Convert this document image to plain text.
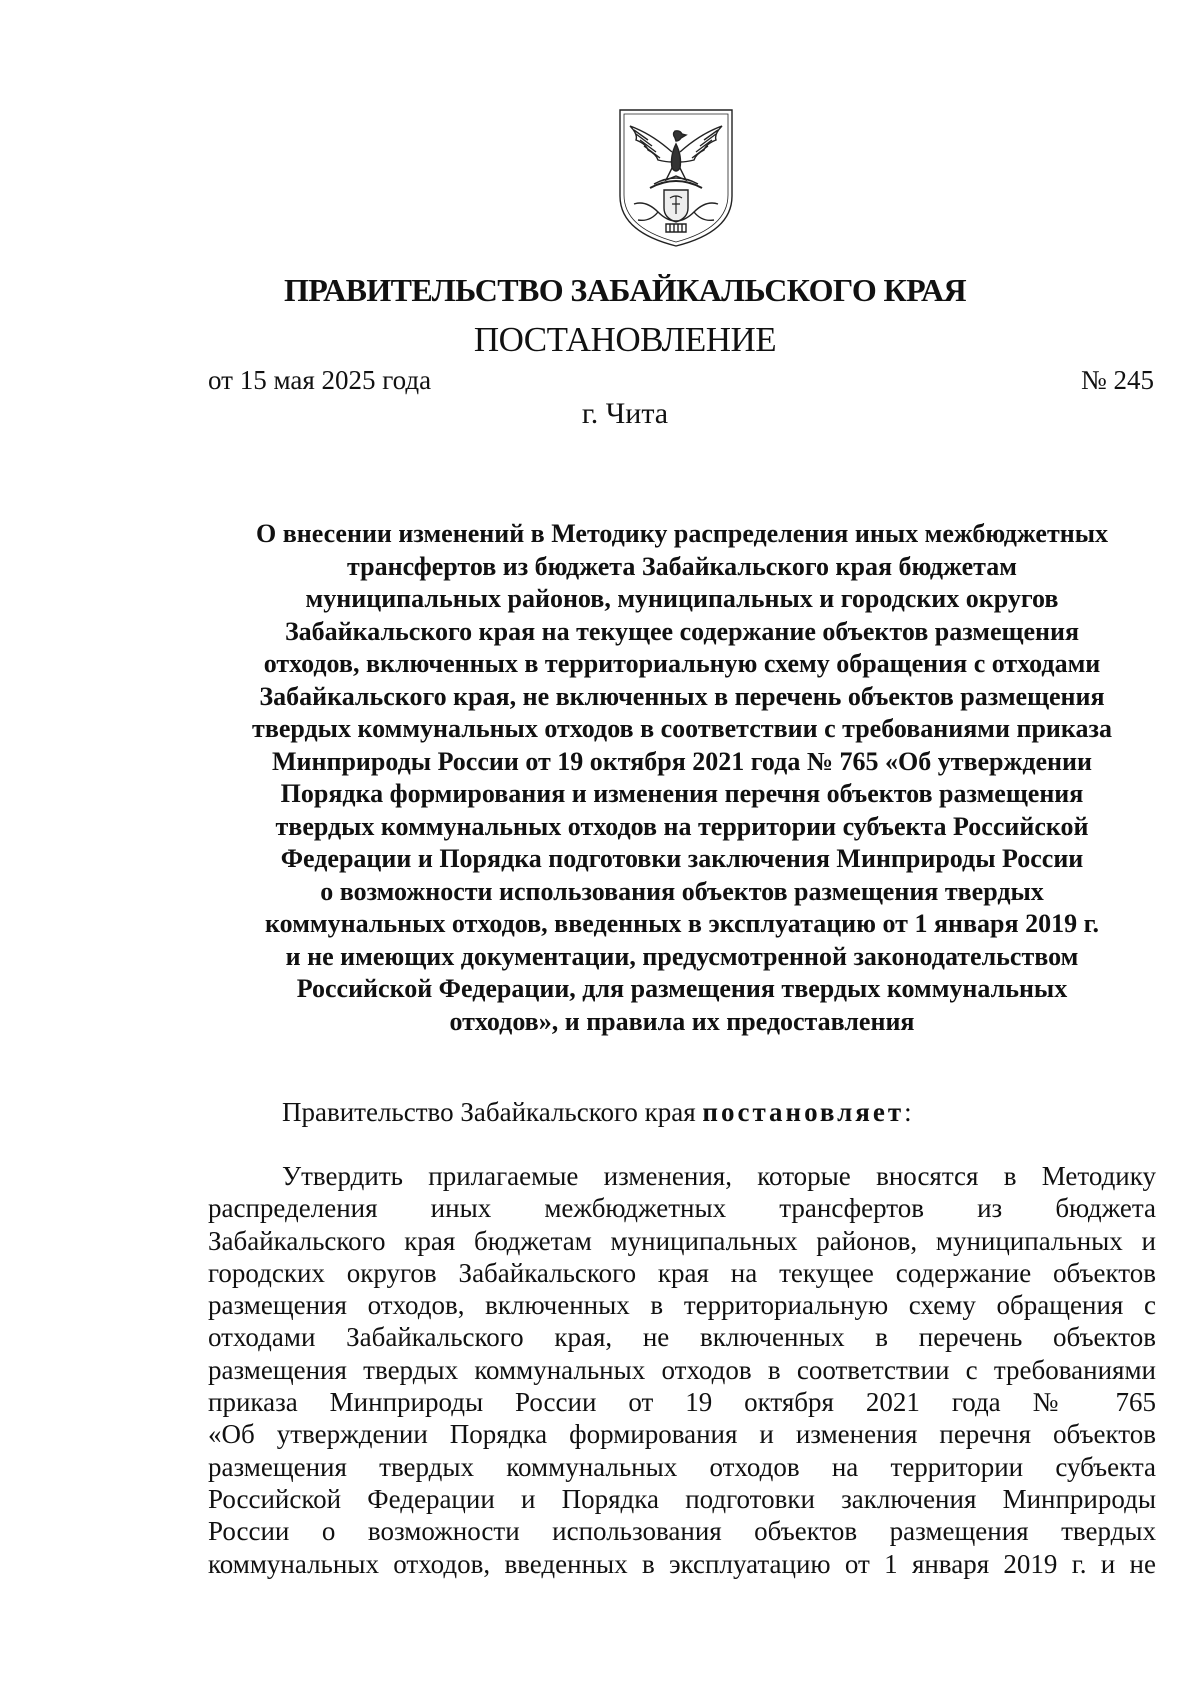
ПРАВИТЕЛЬСТВО ЗАБАЙКАЛЬСКОГО КРАЯ
ПОСТАНОВЛЕНИЕ
от 15 мая 2025 года	№ 245
г. Чита
О внесении изменений в Методику распределения иных межбюджетных
трансфертов из бюджета Забайкальского края бюджетам
муниципальных районов, муниципальных и городских округов
Забайкальского края на текущее содержание объектов размещения
отходов, включенных в территориальную схему обращения с отходами
Забайкальского края, не включенных в перечень объектов размещения
твердых коммунальных отходов в соответствии с требованиями приказа
Минприроды России от 19 октября 2021 года № 765 «Об утверждении
Порядка формирования и изменения перечня объектов размещения
твердых коммунальных отходов на территории субъекта Российской
Федерации и Порядка подготовки заключения Минприроды России
о возможности использования объектов размещения твердых
коммунальных отходов, введенных в эксплуатацию от 1 января 2019 г.
и не имеющих документации, предусмотренной законодательством
Российской Федерации, для размещения твердых коммунальных
отходов», и правила их предоставления
Правительство Забайкальского края постановляет:
Утвердить прилагаемые изменения, которые вносятся в Методику
распределения иных межбюджетных трансфертов из бюджета
Забайкальского края бюджетам муниципальных районов, муниципальных и
городских округов Забайкальского края на текущее содержание объектов
размещения отходов, включенных в территориальную схему обращения с
отходами Забайкальского края, не включенных в перечень объектов
размещения твердых коммунальных отходов в соответствии с требованиями
приказа Минприроды России от 19 октября 2021 года № 765
«Об утверждении Порядка формирования и изменения перечня объектов
размещения твердых коммунальных отходов на территории субъекта
Российской Федерации и Порядка подготовки заключения Минприроды
России о возможности использования объектов размещения твердых
коммунальных отходов, введенных в эксплуатацию от 1 января 2019 г. и не
